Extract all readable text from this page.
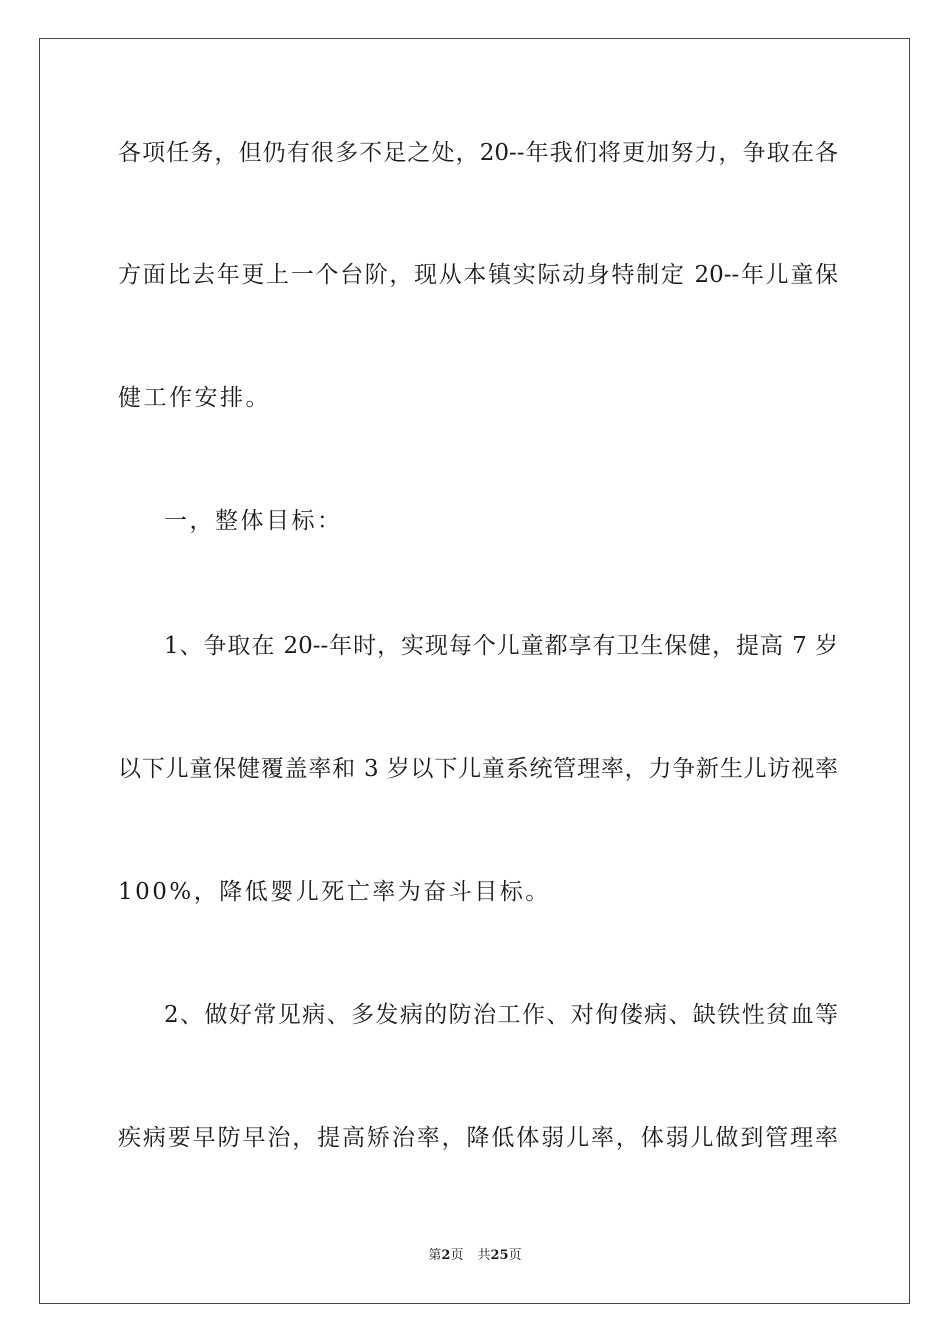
各项任务，但仍有很多不足之处，20--年我们将更加努力，争取在各
方面比去年更上一个台阶，现从本镇实际动身特制定 20--年儿童保
健工作安排。
一，整体目标：
1、争取在 20--年时，实现每个儿童都享有卫生保健，提高 7 岁
以下儿童保健覆盖率和 3 岁以下儿童系统管理率，力争新生儿访视率
100%，降低婴儿死亡率为奋斗目标。
2、做好常见病、多发病的防治工作、对佝偻病、缺铁性贫血等
疾病要早防早治，提高矫治率，降低体弱儿率，体弱儿做到管理率
第2页 共25页
